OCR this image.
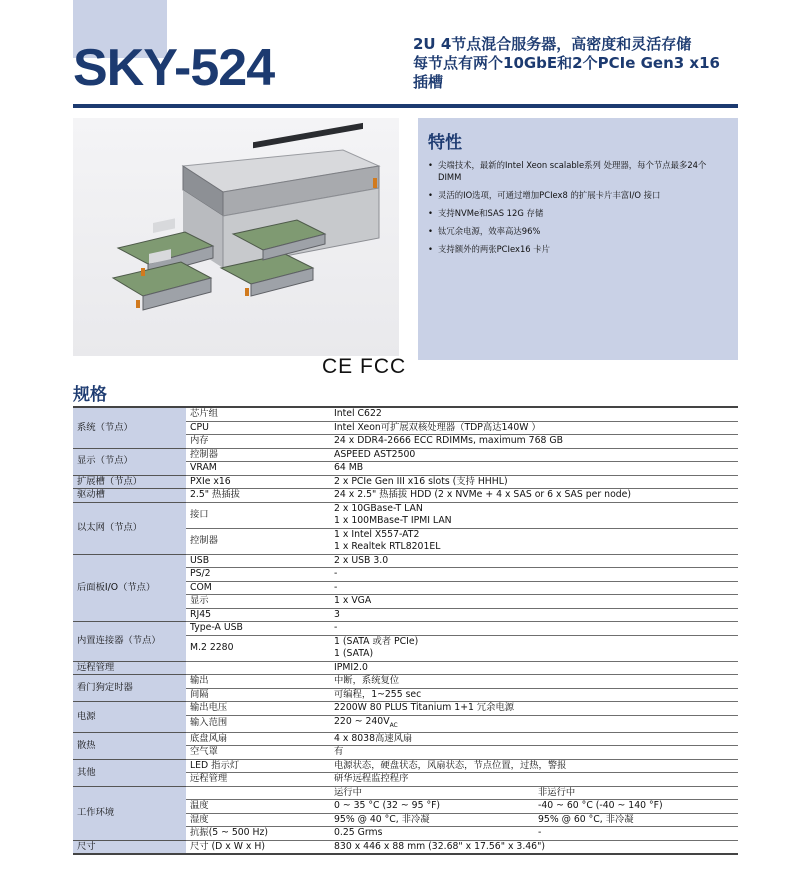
SKY-524	2U 4节点混合服务器，高密度和灵活存储
每节点有两个10GbE和2个PCIe Gen3 x16
插槽
CE FCC
特性
• 尖端技术，最新的Intel Xeon scalable系列 处理器，每个节点最多24个DIMM
• 灵活的IO选项，可通过增加PCIex8 的扩展卡片丰富I/O 接口
• 支持NVMe和SAS 12G 存储
• 钛冗余电源，效率高达96%
• 支持额外的两张PCIex16 卡片
规格
系统（节点）	芯片组	Intel C622	
	CPU	Intel Xeon可扩展双核处理器（TDP高达140W ）	
	内存	24 x DDR4-2666 ECC RDIMMs, maximum 768 GB	
显示（节点）	控制器	ASPEED AST2500	
	VRAM	64 MB	
扩展槽（节点）	PXIe x16	2 x PCIe Gen III x16 slots (支持 HHHL)	
驱动槽	2.5" 热插拔	24 x 2.5" 热插拔 HDD (2 x NVMe + 4 x SAS or 6 x SAS per node)	
以太网（节点）	接口	2 x 10GBase-T LAN	
		1 x 100MBase-T IPMI LAN	
	控制器	1 x Intel X557-AT2	
		1 x Realtek RTL8201EL	
后面板I/O（节点）	USB	2 x USB 3.0	
	PS/2	-	
	COM	-	
	显示	1 x VGA	
	RJ45	3	
内置连接器（节点）	Type-A USB	-	
	M.2 2280	1 (SATA 或者 PCIe)	
		1 (SATA)	
远程管理		IPMI2.0	
看门狗定时器	输出	中断，系统复位	
	间隔	可编程，1~255 sec	
电源	输出电压	2200W 80 PLUS Titanium 1+1 冗余电源	
	输入范围	220 ~ $240V_{AC}$
散热	底盘风扇	4 x 8038高速风扇	
	空气罩	有	
其他	LED 指示灯	电源状态，硬盘状态，风扇状态，节点位置，过热，警报	
	远程管理	研华远程监控程序	
工作环境		运行中	非运行中
	温度	0 ~ 35 °C (32 ~ 95 °F)	-40 ~ 60 °C (-40 ~ 140 °F)
	湿度	95% @ 40 °C, 非冷凝	95% @ 60 °C, 非冷凝
	抗振(5 ~ 500 Hz)	0.25 Grms	-
尺寸	尺寸 (D x W x H)	830 x 446 x 88 mm (32.68" x 17.56" x 3.46")	
